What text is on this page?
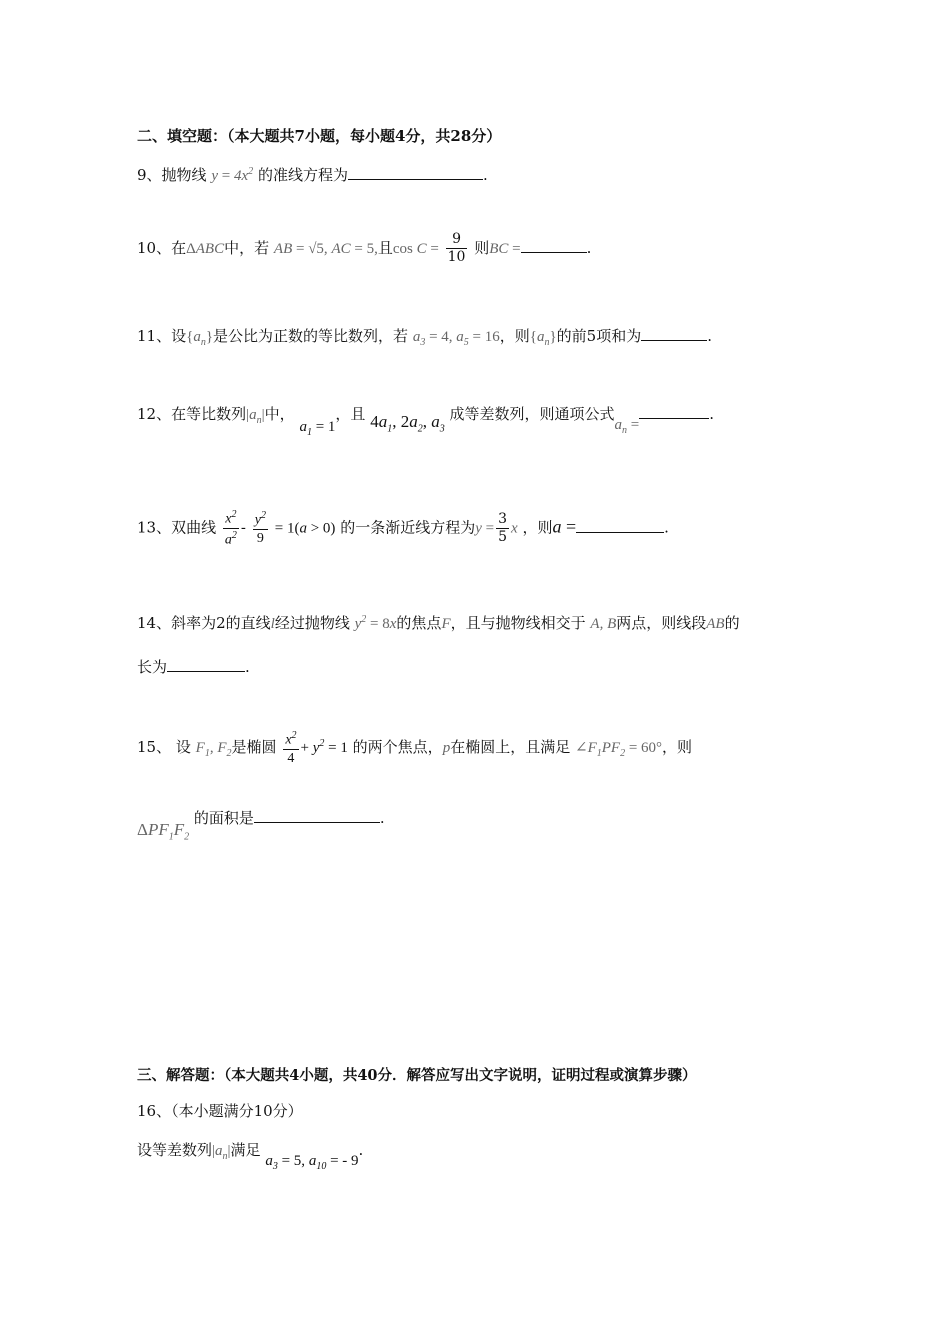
二、填空题：（本大题共7小题，每小题4分，共28分）
9、抛物线 $y = 4x^2$ 的准线方程为	.
10、在ΔABC中，若 AB = √5, AC = 5,且$\cos C = \frac{9}{10}$ 则BC =	.
11、设$\{a_n\}$是公比为正数的等比数列，若 $a_3 = 4$, $a_5 = 16$，则$\{a_n\}$的前5项和为	.
12、在等比数列$|a_n|$中， $a_1 = 1$，且 $4a_1$, $2a_2$, $a_3$ 成等差数列，则通项公式$a_n$ =.
13、双曲线 $\frac{x^2}{a^2} - \frac{y^2}{9} = 1(a > 0)$ 的一条渐近线方程为$y = \frac{3}{5}$ x ，则a =	.
14、斜率为2的直线l经过抛物线 $y^2 = 8x$的焦点F，且与抛物线相交于 A, B两点，则线段AB的
长为	.
15、 设 $F_1$, $F_2$是椭圆 $\frac{x^2}{4} + y^2 = 1$ 的两个焦点，p在椭圆上，且满足 $\angle F_1PF_2 = 60^\circ$，则
$\Delta PF_1F_2$ 的面积是	.
三、解答题：（本大题共4小题，共40分．解答应写出文字说明，证明过程或演算步骤）
16、（本小题满分10分）
设等差数列$|a_n|$满足 $a_3 = 5$, $a_{10}$ = - 9.
